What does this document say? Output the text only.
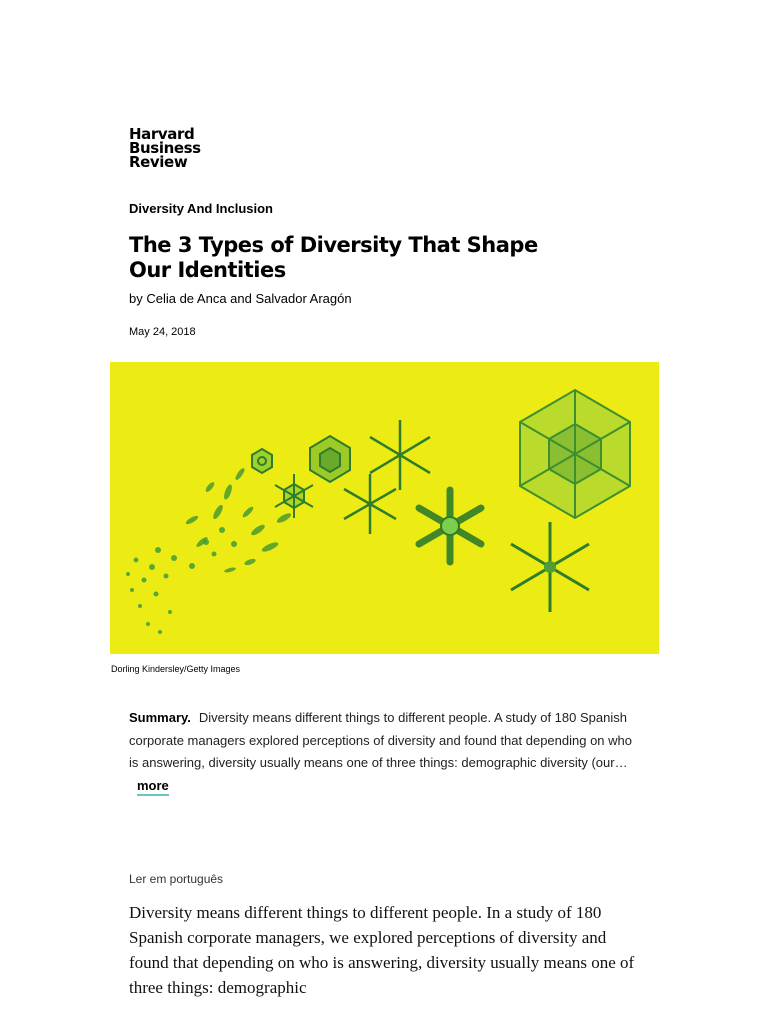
Harvard
Business
Review
Diversity And Inclusion
The 3 Types of Diversity That Shape Our Identities
by Celia de Anca and Salvador Aragón
May 24, 2018
Dorling Kindersley/Getty Images
Summary. Diversity means different things to different people. A study of 180 Spanish corporate managers explored perceptions of diversity and found that depending on who is answering, diversity usually means one of three things: demographic diversity (our…more
Ler em português

Diversity means different things to different people. In a study of 180 Spanish corporate managers, we explored perceptions of diversity and found that depending on who is answering, diversity usually means one of three things: demographic
